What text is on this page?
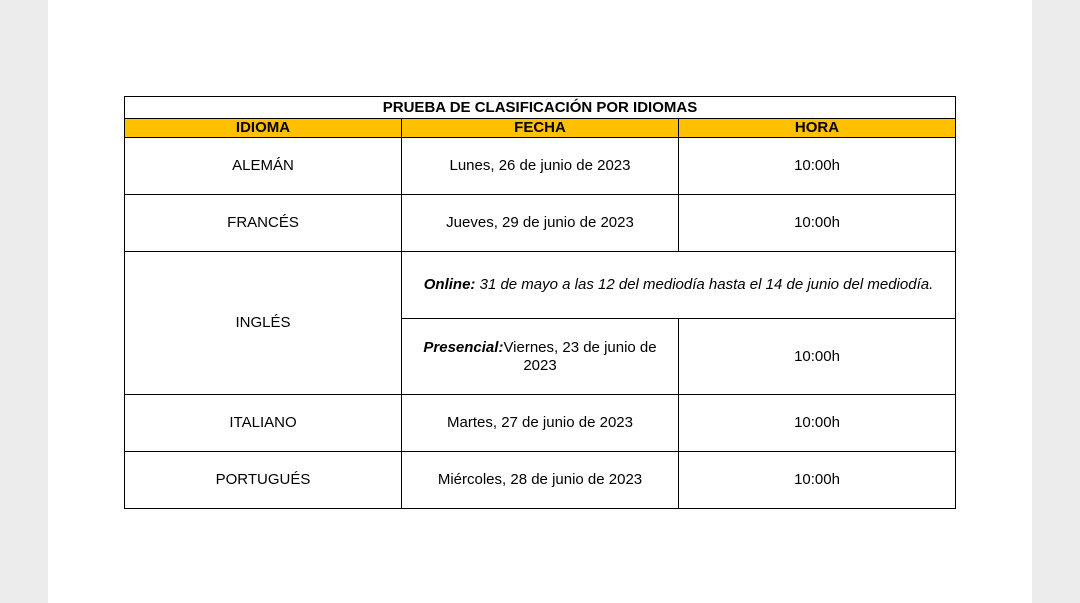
PRUEBA DE CLASIFICACIÓN POR IDIOMAS		
IDIOMA	FECHA	HORA
ALEMÁN	Lunes, 26 de junio de 2023	10:00h
FRANCÉS	Jueves, 29 de junio de 2023	10:00h
INGLÉS	Online: 31 de mayo a las 12 del mediodía hasta el 14 de junio del mediodía.	
	Presencial:Viernes, 23 de junio de 2023	10:00h
ITALIANO	Martes, 27 de junio de 2023	10:00h
PORTUGUÉS	Miércoles, 28 de junio de 2023	10:00h
